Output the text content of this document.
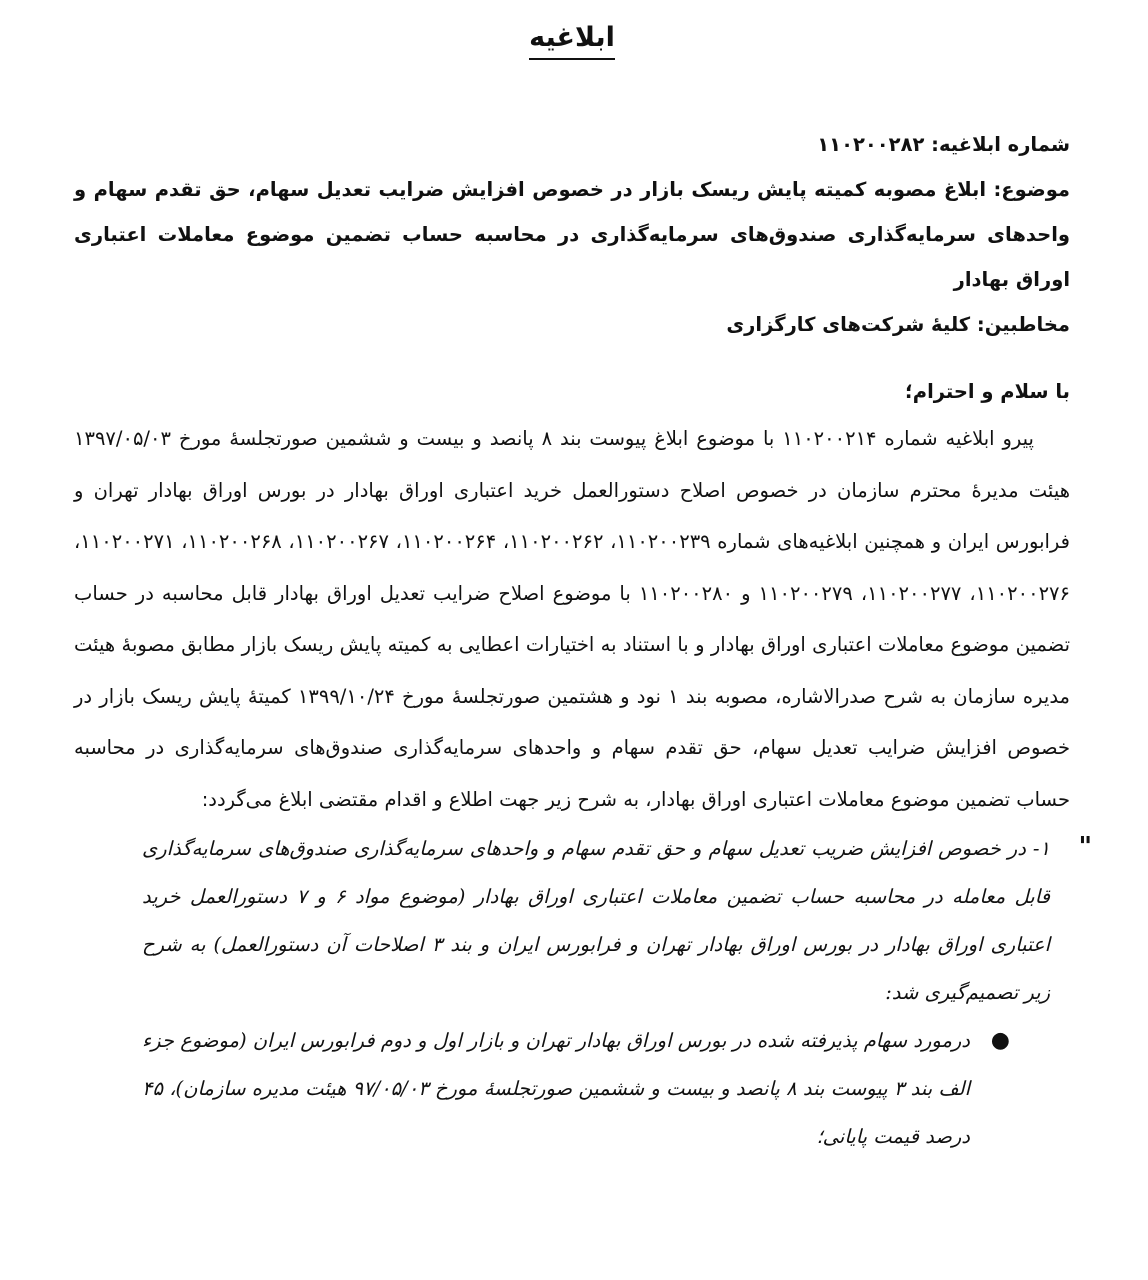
ابلاغیه
شماره ابلاغیه: ۱۱۰۲۰۰۲۸۲
موضوع: ابلاغ مصوبه کمیته پایش ریسک بازار در خصوص افزایش ضرایب تعدیل سهام، حق تقدم سهام و واحدهای سرمایه‌گذاری صندوق‌های سرمایه‌گذاری در محاسبه حساب تضمین موضوع معاملات اعتباری اوراق بهادار
مخاطبین: کلیهٔ شرکت‌های کارگزاری
با سلام و احترام؛

پیرو ابلاغیه شماره ۱۱۰۲۰۰۲۱۴ با موضوع ابلاغ پیوست بند ۸ پانصد و بیست و ششمین صورتجلسهٔ مورخ ۱۳۹۷/۰۵/۰۳ هیئت مدیرهٔ محترم سازمان در خصوص اصلاح دستورالعمل خرید اعتباری اوراق بهادار در بورس اوراق بهادار تهران و فرابورس ایران و همچنین ابلاغیه‌های شماره ۱۱۰۲۰۰۲۳۹، ۱۱۰۲۰۰۲۶۲، ۱۱۰۲۰۰۲۶۴، ۱۱۰۲۰۰۲۶۷، ۱۱۰۲۰۰۲۶۸، ۱۱۰۲۰۰۲۷۱، ۱۱۰۲۰۰۲۷۶، ۱۱۰۲۰۰۲۷۷، ۱۱۰۲۰۰۲۷۹ و ۱۱۰۲۰۰۲۸۰ با موضوع اصلاح ضرایب تعدیل اوراق بهادار قابل محاسبه در حساب تضمین موضوع معاملات اعتباری اوراق بهادار و با استناد به اختیارات اعطایی به کمیته پایش ریسک بازار مطابق مصوبهٔ هیئت مدیره سازمان به شرح صدرالاشاره، مصوبه بند ۱ نود و هشتمین صورتجلسهٔ مورخ ۱۳۹۹/۱۰/۲۴ کمیتهٔ پایش ریسک بازار در خصوص افزایش ضرایب تعدیل سهام، حق تقدم سهام و واحدهای سرمایه‌گذاری صندوق‌های سرمایه‌گذاری در محاسبه حساب تضمین موضوع معاملات اعتباری اوراق بهادار، به شرح زیر جهت اطلاع و اقدام مقتضی ابلاغ می‌گردد:

"
۱- در خصوص افزایش ضریب تعدیل سهام و حق تقدم سهام و واحدهای سرمایه‌گذاری صندوق‌های سرمایه‌گذاری قابل معامله در محاسبه حساب تضمین معاملات اعتباری اوراق بهادار (موضوع مواد ۶ و ۷ دستورالعمل خرید اعتباری اوراق بهادار در بورس اوراق بهادار تهران و فرابورس ایران و بند ۳ اصلاحات آن دستورالعمل) به شرح زیر تصمیم‌گیری شد:
●
درمورد سهام پذیرفته شده در بورس اوراق بهادار تهران و بازار اول و دوم فرابورس ایران (موضوع جزء الف بند ۳ پیوست بند ۸ پانصد و بیست و ششمین صورتجلسهٔ مورخ ۹۷/۰۵/۰۳ هیئت مدیره سازمان)، ۴۵ درصد قیمت پایانی؛
